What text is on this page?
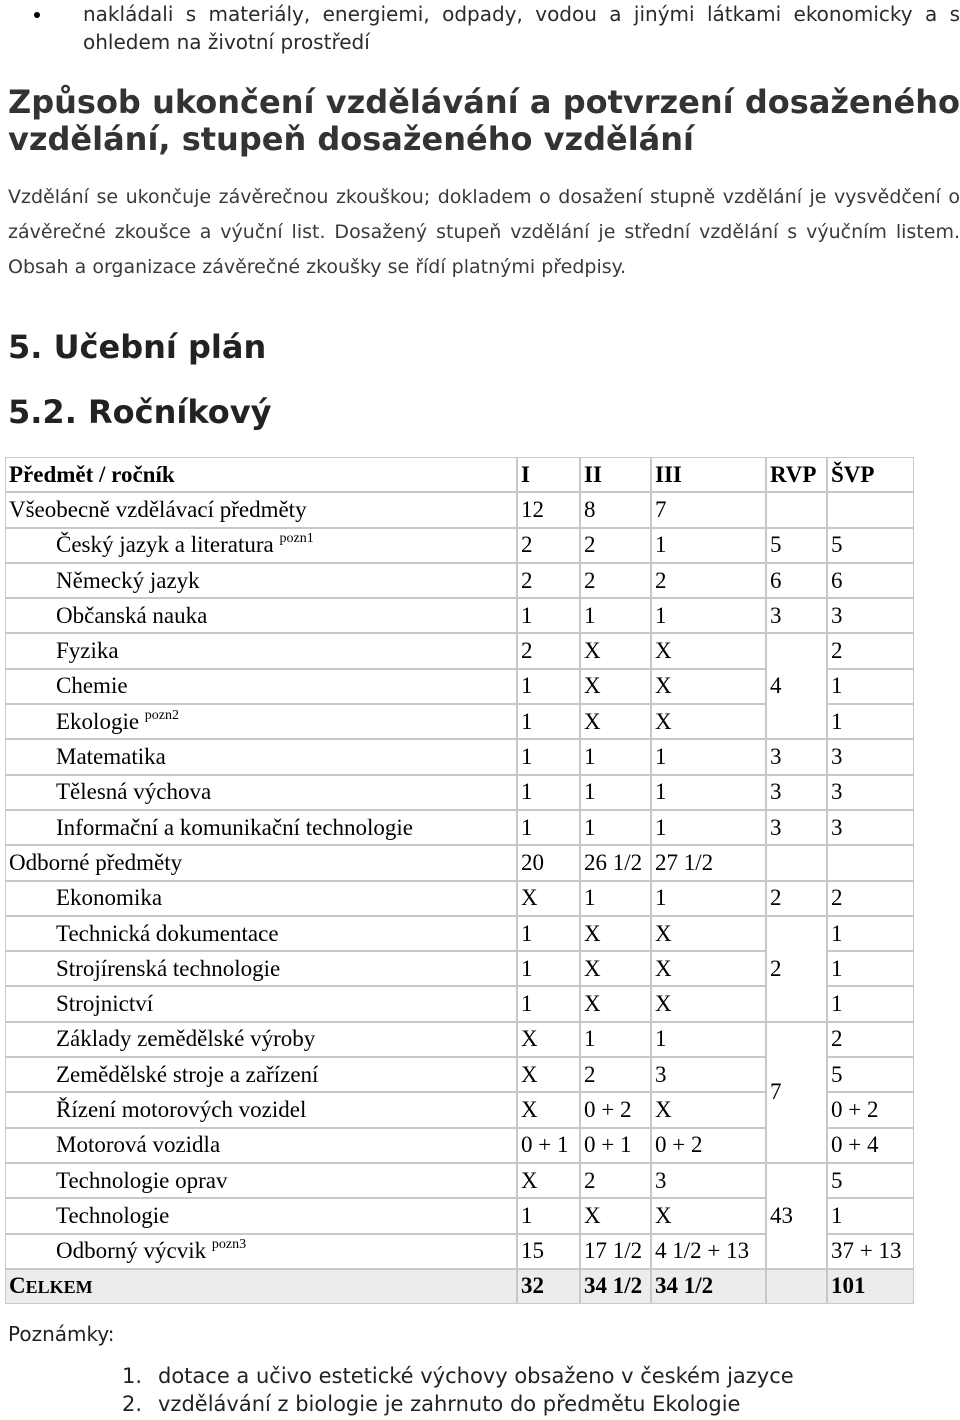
nakládali s materiály, energiemi, odpady, vodou a jinými látkami ekonomicky a s ohledem na životní prostředí
Způsob ukončení vzdělávání a potvrzení dosaženého vzdělání, stupeň dosaženého vzdělání
Vzdělání se ukončuje závěrečnou zkouškou; dokladem o dosažení stupně vzdělání je vysvědčení o závěrečné zkoušce a výuční list. Dosažený stupeň vzdělání je střední vzdělání s výučním listem. Obsah a organizace závěrečné zkoušky se řídí platnými předpisy.
5. Učební plán
5.2. Ročníkový
Předmět / ročník	I	II	III	RVP	ŠVP
Všeobecně vzdělávací předměty	12	8	7		
Český jazyk a literatura $^{pozn1}$	2	2	1	5	5
Německý jazyk	2	2	2	6	6
Občanská nauka	1	1	1	3	3
Fyzika	2	X	X	4	2
Chemie	1	X	X		1
Ekologie $^{pozn2}$	1	X	X		1
Matematika	1	1	1	3	3
Tělesná výchova	1	1	1	3	3
Informační a komunikační technologie	1	1	1	3	3
Odborné předměty	20	26 1/2	27 1/2		
Ekonomika	X	1	1	2	2
Technická dokumentace	1	X	X	2	1
Strojírenská technologie	1	X	X		1
Strojnictví	1	X	X		1
Základy zemědělské výroby	X	1	1	7	2
Zemědělské stroje a zařízení	X	2	3		5
Řízení motorových vozidel	X	0 + 2	X		0 + 2
Motorová vozidla	0 + 1	0 + 1	0 + 2		0 + 4
Technologie oprav	X	2	3	43	5
Technologie	1	X	X		1
Odborný výcvik $^{pozn3}$	15	17 1/2	4 1/2 + 13		37 + 13
CELKEM	32	34 1/2	34 1/2		101
Poznámky:
1. dotace a učivo estetické výchovy obsaženo v českém jazyce
2. vzdělávání z biologie je zahrnuto do předmětu Ekologie
